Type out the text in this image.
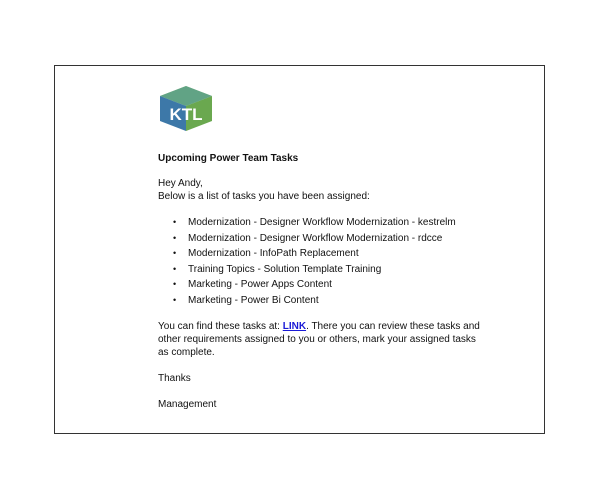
KTL

Upcoming Power Team Tasks

Hey Andy,

Below is a list of tasks you have been assigned:

• Modernization - Designer Workflow Modernization - kestrelm
• Modernization - Designer Workflow Modernization - rdcce
• Modernization - InfoPath Replacement
• Training Topics - Solution Template Training
• Marketing - Power Apps Content
• Marketing - Power Bi Content

You can find these tasks at: LINK. There you can review these tasks and other requirements assigned to you or others, mark your assigned tasks as complete.

Thanks

Management
